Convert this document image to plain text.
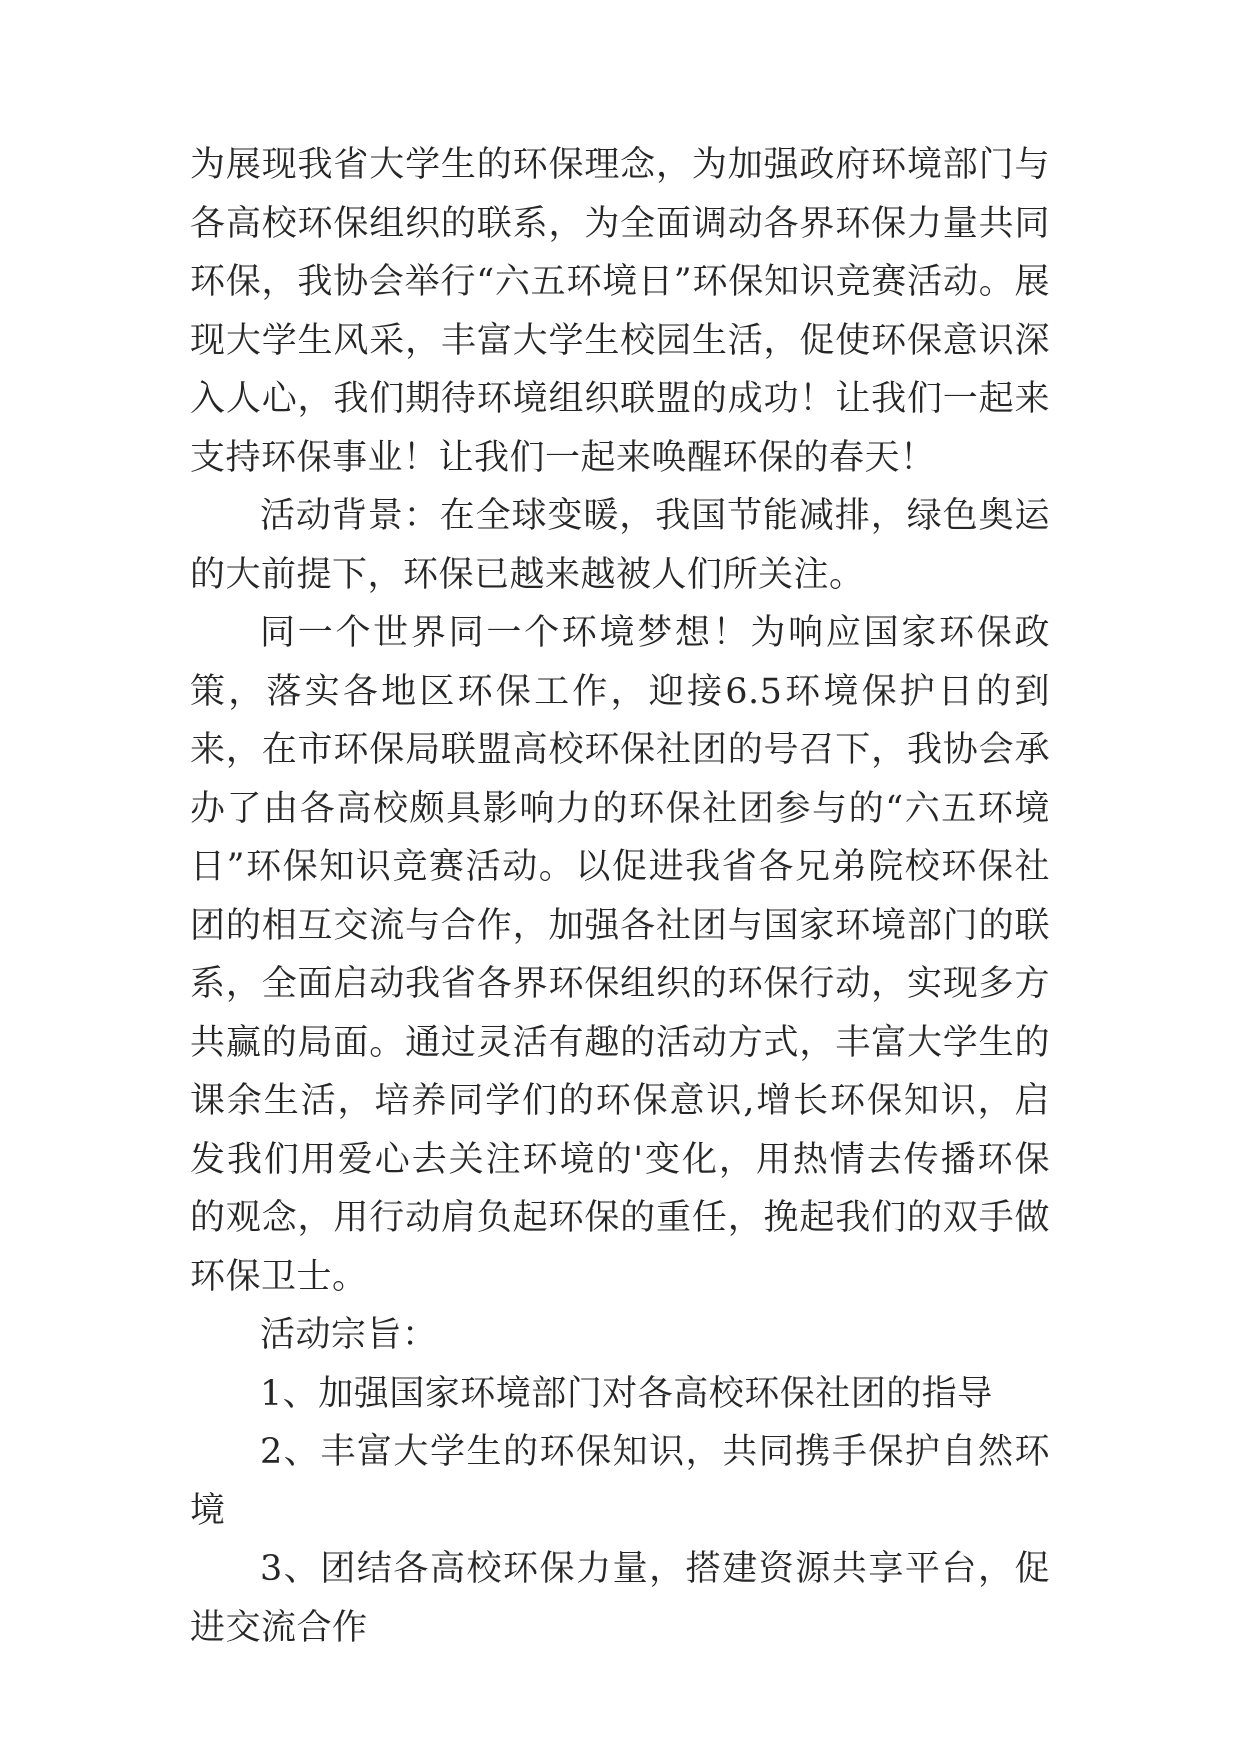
为展现我省大学生的环保理念，为加强政府环境部门与各高校环保组织的联系，为全面调动各界环保力量共同环保，我协会举行“六五环境日”环保知识竞赛活动。展现大学生风采，丰富大学生校园生活，促使环保意识深入人心，我们期待环境组织联盟的成功！让我们一起来支持环保事业！让我们一起来唤醒环保的春天！

活动背景：在全球变暖，我国节能减排，绿色奥运的大前提下，环保已越来越被人们所关注。

同一个世界同一个环境梦想！为响应国家环保政策，落实各地区环保工作，迎接6.5环境保护日的到来，在市环保局联盟高校环保社团的号召下，我协会承办了由各高校颇具影响力的环保社团参与的“六五环境日”环保知识竞赛活动。以促进我省各兄弟院校环保社团的相互交流与合作，加强各社团与国家环境部门的联系，全面启动我省各界环保组织的环保行动，实现多方共赢的局面。通过灵活有趣的活动方式，丰富大学生的课余生活，培养同学们的环保意识,增长环保知识，启发我们用爱心去关注环境的'变化，用热情去传播环保的观念，用行动肩负起环保的重任，挽起我们的双手做环保卫士。

活动宗旨：

1、加强国家环境部门对各高校环保社团的指导

2、丰富大学生的环保知识，共同携手保护自然环境

3、团结各高校环保力量，搭建资源共享平台，促进交流合作
